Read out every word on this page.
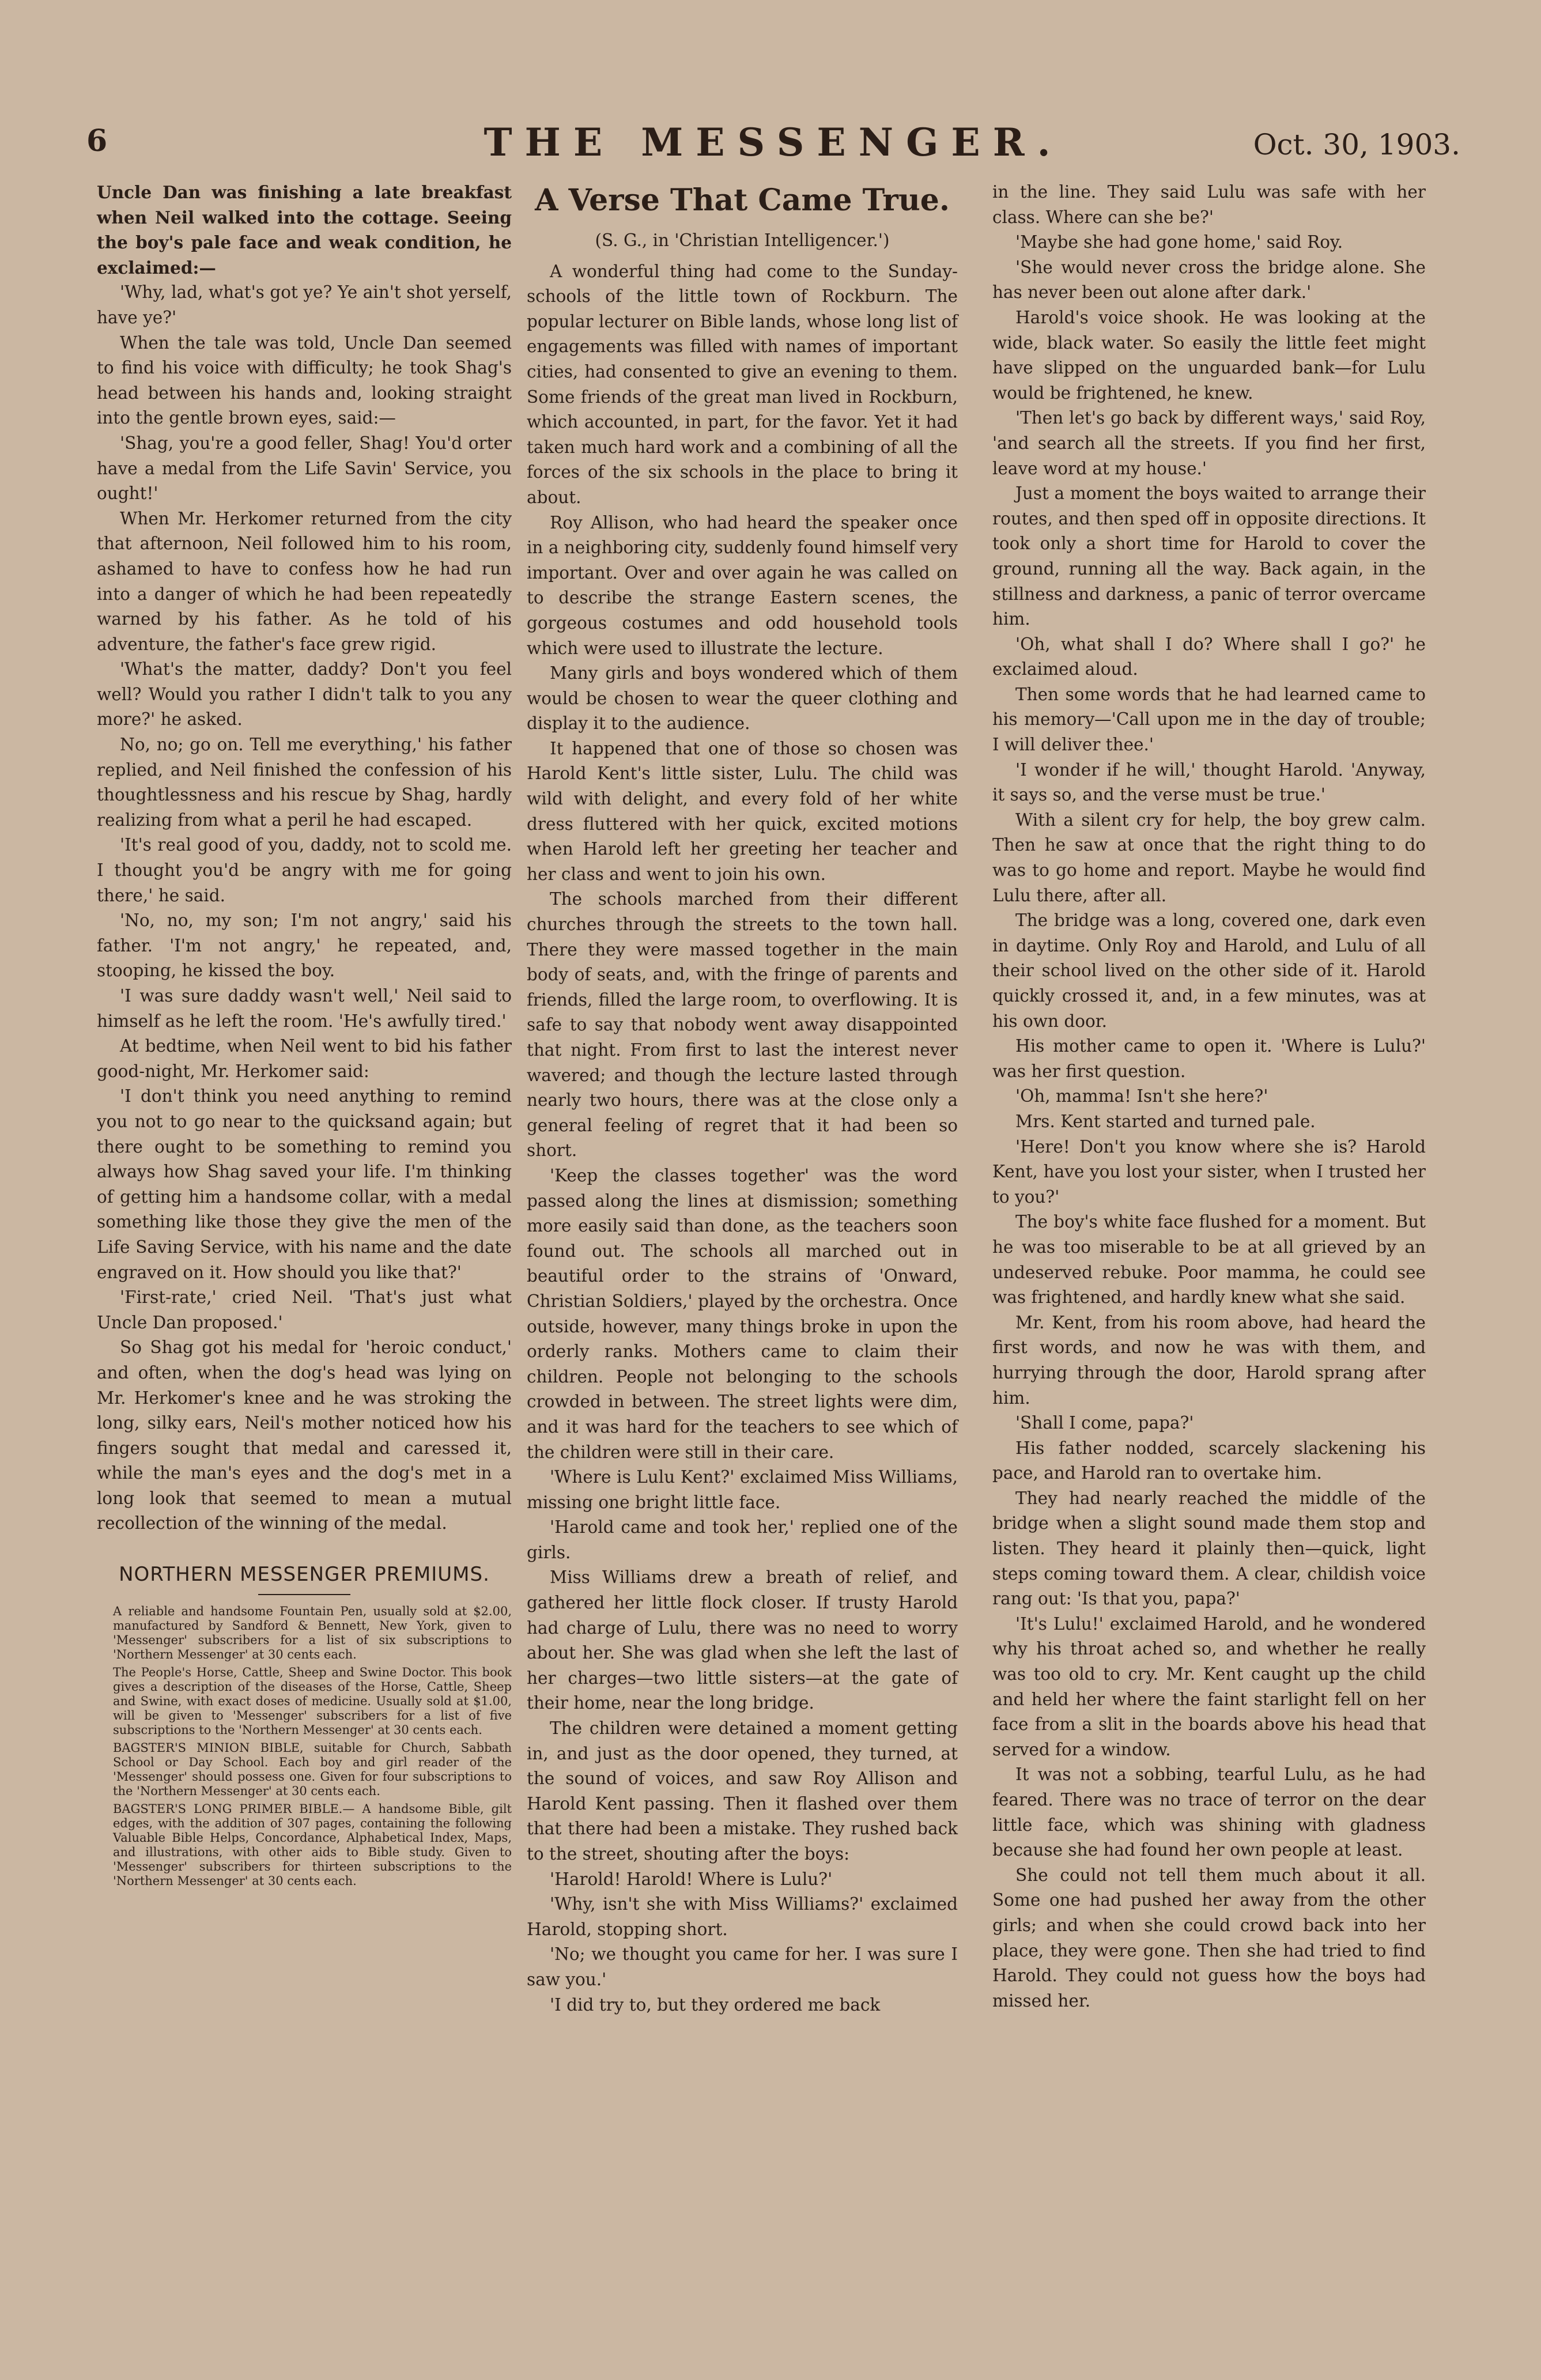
6	THE MESSENGER.	Oct. 30, 1903.

Uncle Dan was finishing a late breakfast when Neil walked into the cottage. Seeing the boy's pale face and weak condition, he exclaimed:—

'Why, lad, what's got ye? Ye ain't shot yerself, have ye?'

When the tale was told, Uncle Dan seemed to find his voice with difficulty; he took Shag's head between his hands and, looking straight into the gentle brown eyes, said:—

'Shag, you're a good feller, Shag! You'd orter have a medal from the Life Savin' Service, you ought!'

When Mr. Herkomer returned from the city that afternoon, Neil followed him to his room, ashamed to have to confess how he had run into a danger of which he had been repeatedly warned by his father. As he told of his adventure, the father's face grew rigid.

'What's the matter, daddy? Don't you feel well? Would you rather I didn't talk to you any more?' he asked.

No, no; go on. Tell me everything,' his father replied, and Neil finished the confession of his thoughtlessness and his rescue by Shag, hardly realizing from what a peril he had escaped.

'It's real good of you, daddy, not to scold me. I thought you'd be angry with me for going there,' he said.

'No, no, my son; I'm not angry,' said his father. 'I'm not angry,' he repeated, and, stooping, he kissed the boy.

'I was sure daddy wasn't well,' Neil said to himself as he left the room. 'He's awfully tired.'

At bedtime, when Neil went to bid his father good-night, Mr. Herkomer said:

'I don't think you need anything to remind you not to go near to the quicksand again; but there ought to be something to remind you always how Shag saved your life. I'm thinking of getting him a handsome collar, with a medal something like those they give the men of the Life Saving Service, with his name and the date engraved on it. How should you like that?'

'First-rate,' cried Neil. 'That's just what Uncle Dan proposed.'

So Shag got his medal for 'heroic conduct,' and often, when the dog's head was lying on Mr. Herkomer's knee and he was stroking the long, silky ears, Neil's mother noticed how his fingers sought that medal and caressed it, while the man's eyes and the dog's met in a long look that seemed to mean a mutual recollection of the winning of the medal.

NORTHERN MESSENGER PREMIUMS.

A reliable and handsome Fountain Pen, usually sold at $2.00, manufactured by Sandford & Bennett, New York, given to 'Messenger' subscribers for a list of six subscriptions to 'Northern Messenger' at 30 cents each.

The People's Horse, Cattle, Sheep and Swine Doctor. This book gives a description of the diseases of the Horse, Cattle, Sheep and Swine, with exact doses of medicine. Usually sold at $1.00, will be given to 'Messenger' subscribers for a list of five subscriptions to the 'Northern Messenger' at 30 cents each.

BAGSTER'S MINION BIBLE, suitable for Church, Sabbath School or Day School. Each boy and girl reader of the 'Messenger' should possess one. Given for four subscriptions to the 'Northern Messenger' at 30 cents each.

BAGSTER'S LONG PRIMER BIBLE.— A handsome Bible, gilt edges, with the addition of 307 pages, containing the following Valuable Bible Helps, Concordance, Alphabetical Index, Maps, and illustrations, with other aids to Bible study. Given to 'Messenger' subscribers for thirteen subscriptions to the 'Northern Messenger' at 30 cents each.

A Verse That Came True.

(S. G., in 'Christian Intelligencer.')

A wonderful thing had come to the Sunday-schools of the little town of Rockburn. The popular lecturer on Bible lands, whose long list of engagements was filled with names of important cities, had consented to give an evening to them. Some friends of the great man lived in Rockburn, which accounted, in part, for the favor. Yet it had taken much hard work and a combining of all the forces of the six schools in the place to bring it about.

Roy Allison, who had heard the speaker once in a neighboring city, suddenly found himself very important. Over and over again he was called on to describe the strange Eastern scenes, the gorgeous costumes and odd household tools which were used to illustrate the lecture.

Many girls and boys wondered which of them would be chosen to wear the queer clothing and display it to the audience.

It happened that one of those so chosen was Harold Kent's little sister, Lulu. The child was wild with delight, and every fold of her white dress fluttered with her quick, excited motions when Harold left her greeting her teacher and her class and went to join his own.

The schools marched from their different churches through the streets to the town hall. There they were massed together in the main body of seats, and, with the fringe of parents and friends, filled the large room, to overflowing. It is safe to say that nobody went away disappointed that night. From first to last the interest never wavered; and though the lecture lasted through nearly two hours, there was at the close only a general feeling of regret that it had been so short.

'Keep the classes together' was the word passed along the lines at dismission; something more easily said than done, as the teachers soon found out. The schools all marched out in beautiful order to the strains of 'Onward, Christian Soldiers,' played by the orchestra. Once outside, however, many things broke in upon the orderly ranks. Mothers came to claim their children. People not belonging to the schools crowded in between. The street lights were dim, and it was hard for the teachers to see which of the children were still in their care.

'Where is Lulu Kent?' exclaimed Miss Williams, missing one bright little face.

'Harold came and took her,' replied one of the girls.

Miss Williams drew a breath of relief, and gathered her little flock closer. If trusty Harold had charge of Lulu, there was no need to worry about her. She was glad when she left the last of her charges—two little sisters—at the gate of their home, near the long bridge.

The children were detained a moment getting in, and just as the door opened, they turned, at the sound of voices, and saw Roy Allison and Harold Kent passing. Then it flashed over them that there had been a mistake. They rushed back to the street, shouting after the boys:

'Harold! Harold! Where is Lulu?'

'Why, isn't she with Miss Williams?' exclaimed Harold, stopping short.

'No; we thought you came for her. I was sure I saw you.'

'I did try to, but they ordered me back

in the line. They said Lulu was safe with her class. Where can she be?'

'Maybe she had gone home,' said Roy.

'She would never cross the bridge alone. She has never been out alone after dark.'

Harold's voice shook. He was looking at the wide, black water. So easily the little feet might have slipped on the unguarded bank—for Lulu would be frightened, he knew.

'Then let's go back by different ways,' said Roy, 'and search all the streets. If you find her first, leave word at my house.'

Just a moment the boys waited to arrange their routes, and then sped off in opposite directions. It took only a short time for Harold to cover the ground, running all the way. Back again, in the stillness and darkness, a panic of terror overcame him.

'Oh, what shall I do? Where shall I go?' he exclaimed aloud.

Then some words that he had learned came to his memory—'Call upon me in the day of trouble; I will deliver thee.'

'I wonder if he will,' thought Harold. 'Anyway, it says so, and the verse must be true.'

With a silent cry for help, the boy grew calm. Then he saw at once that the right thing to do was to go home and report. Maybe he would find Lulu there, after all.

The bridge was a long, covered one, dark even in daytime. Only Roy and Harold, and Lulu of all their school lived on the other side of it. Harold quickly crossed it, and, in a few minutes, was at his own door.

His mother came to open it. 'Where is Lulu?' was her first question.

'Oh, mamma! Isn't she here?'

Mrs. Kent started and turned pale.

'Here! Don't you know where she is? Harold Kent, have you lost your sister, when I trusted her to you?'

The boy's white face flushed for a moment. But he was too miserable to be at all grieved by an undeserved rebuke. Poor mamma, he could see was frightened, and hardly knew what she said.

Mr. Kent, from his room above, had heard the first words, and now he was with them, and hurrying through the door, Harold sprang after him.

'Shall I come, papa?'

His father nodded, scarcely slackening his pace, and Harold ran to overtake him.

They had nearly reached the middle of the bridge when a slight sound made them stop and listen. They heard it plainly then—quick, light steps coming toward them. A clear, childish voice rang out: 'Is that you, papa?'

'It's Lulu!' exclaimed Harold, and he wondered why his throat ached so, and whether he really was too old to cry. Mr. Kent caught up the child and held her where the faint starlight fell on her face from a slit in the boards above his head that served for a window.

It was not a sobbing, tearful Lulu, as he had feared. There was no trace of terror on the dear little face, which was shining with gladness because she had found her own people at least.

She could not tell them much about it all. Some one had pushed her away from the other girls; and when she could crowd back into her place, they were gone. Then she had tried to find Harold. They could not guess how the boys had missed her.
